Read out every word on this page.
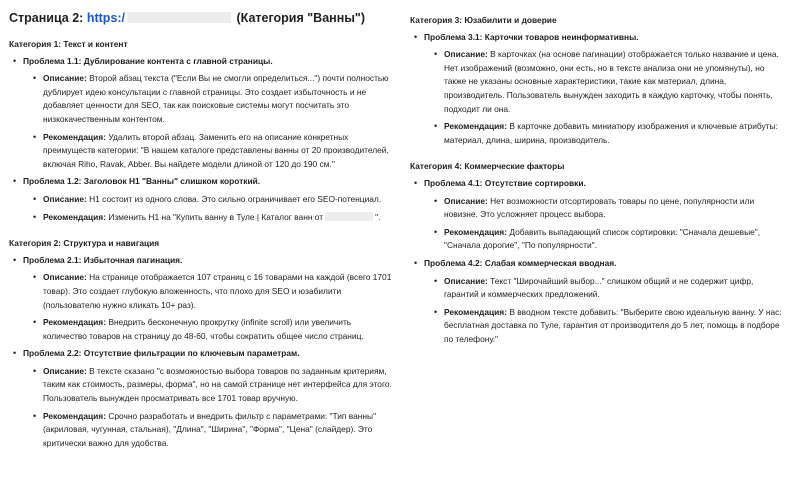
Страница 2: https:/	(Категория "Ванны")
Категория 1: Текст и контент
• Проблема 1.1: Дублирование контента с главной страницы.
• Описание: Второй абзац текста ("Если Вы не смогли определиться...") почти полностью дублирует идею консультации с главной страницы. Это создает избыточность и не добавляет ценности для SEO, так как поисковые системы могут посчитать это низкокачественным контентом.
• Рекомендация: Удалить второй абзац. Заменить его на описание конкретных преимуществ категории: "В нашем каталоге представлены ванны от 20 производителей, включая Riho, Ravak, Abber. Вы найдете модели длиной от 120 до 190 см."
• Проблема 1.2: Заголовок H1 "Ванны" слишком короткий.
• Описание: H1 состоит из одного слова. Это сильно ограничивает его SEO-потенциал.
• Рекомендация: Изменить H1 на "Купить ванну в Туле | Каталог ванн от	".
Категория 2: Структура и навигация
• Проблема 2.1: Избыточная пагинация.
• Описание: На странице отображается 107 страниц с 16 товарами на каждой (всего 1701 товар). Это создает глубокую вложенность, что плохо для SEO и юзабилити (пользователю нужно кликать 10+ раз).
• Рекомендация: Внедрить бесконечную прокрутку (infinite scroll) или увеличить количество товаров на страницу до 48-60, чтобы сократить общее число страниц.
• Проблема 2.2: Отсутствие фильтрации по ключевым параметрам.
• Описание: В тексте сказано "с возможностью выбора товаров по заданным критериям, таким как стоимость, размеры, форма", но на самой странице нет интерфейса для этого. Пользователь вынужден просматривать все 1701 товар вручную.
• Рекомендация: Срочно разработать и внедрить фильтр с параметрами: "Тип ванны" (акриловая, чугунная, стальная), "Длина", "Ширина", "Форма", "Цена" (слайдер). Это критически важно для удобства.
Категория 3: Юзабилити и доверие
• Проблема 3.1: Карточки товаров неинформативны.
• Описание: В карточках (на основе пагинации) отображается только название и цена. Нет изображений (возможно, они есть, но в тексте анализа они не упомянуты), но также не указаны основные характеристики, такие как материал, длина, производитель. Пользователь вынужден заходить в каждую карточку, чтобы понять, подходит ли она.
• Рекомендация: В карточке добавить миниатюру изображения и ключевые атрибуты: материал, длина, ширина, производитель.
Категория 4: Коммерческие факторы
• Проблема 4.1: Отсутствие сортировки.
• Описание: Нет возможности отсортировать товары по цене, популярности или новизне. Это усложняет процесс выбора.
• Рекомендация: Добавить выпадающий список сортировки: "Сначала дешевые", "Сначала дорогие", "По популярности".
• Проблема 4.2: Слабая коммерческая вводная.
• Описание: Текст "Широчайший выбор..." слишком общий и не содержит цифр, гарантий и коммерческих предложений.
• Рекомендация: В вводном тексте добавить: "Выберите свою идеальную ванну. У нас: бесплатная доставка по Туле, гарантия от производителя до 5 лет, помощь в подборе по телефону."
